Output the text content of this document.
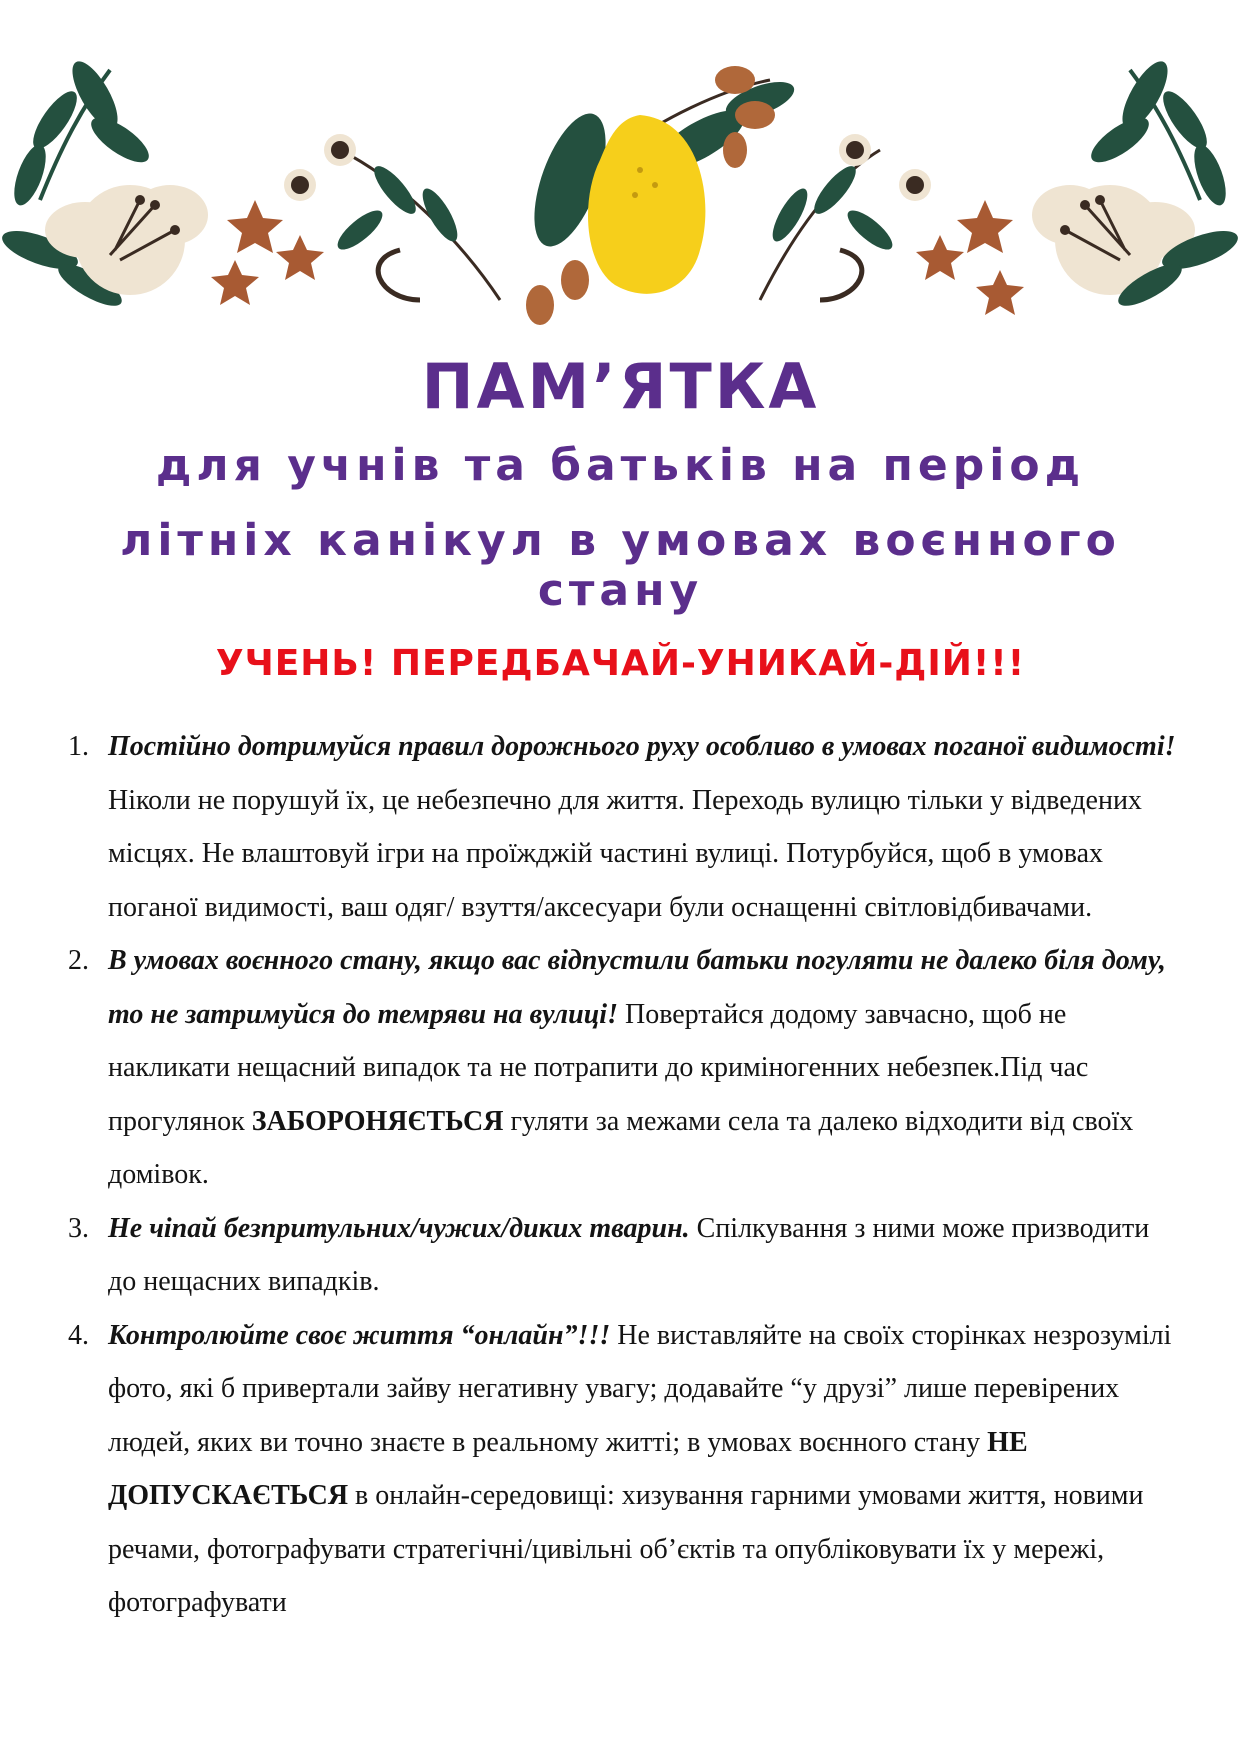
ПАМ’ЯТКА
для учнів та батьків на період
літніх канікул в умовах воєнного
стану
УЧЕНЬ! ПЕРЕДБАЧАЙ-УНИКАЙ-ДІЙ!!!
1. Постійно дотримуйся правил дорожнього руху особливо в умовах поганої видимості! Ніколи не порушуй їх, це небезпечно для життя. Переходь вулицю тільки у відведених місцях. Не влаштовуй ігри на проїжджій частині вулиці. Потурбуйся, щоб в умовах поганої видимості, ваш одяг/ взуття/аксесуари були оснащенні світловідбивачами.

2. В умовах воєнного стану, якщо вас відпустили батьки погуляти не далеко біля дому, то не затримуйся до темряви на вулиці! Повертайся додому завчасно, щоб не накликати нещасний випадок та не потрапити до криміногенних небезпек.Під час прогулянок ЗАБОРОНЯЄТЬСЯ гуляти за межами села та далеко відходити від своїх домівок.

3. Не чіпай безпритульних/чужих/диких тварин. Спілкування з ними може призводити до нещасних випадків.

4. Контролюйте своє життя “онлайн”!!! Не виставляйте на своїх сторінках незрозумілі фото, які б привертали зайву негативну увагу; додавайте “у друзі” лише перевірених людей, яких ви точно знаєте в реальному житті; в умовах воєнного стану НЕ ДОПУСКАЄТЬСЯ в онлайн-середовищі: хизування гарними умовами життя, новими речами, фотографувати стратегічні/цивільні об’єктів та опубліковувати їх у мережі, фотографувати
